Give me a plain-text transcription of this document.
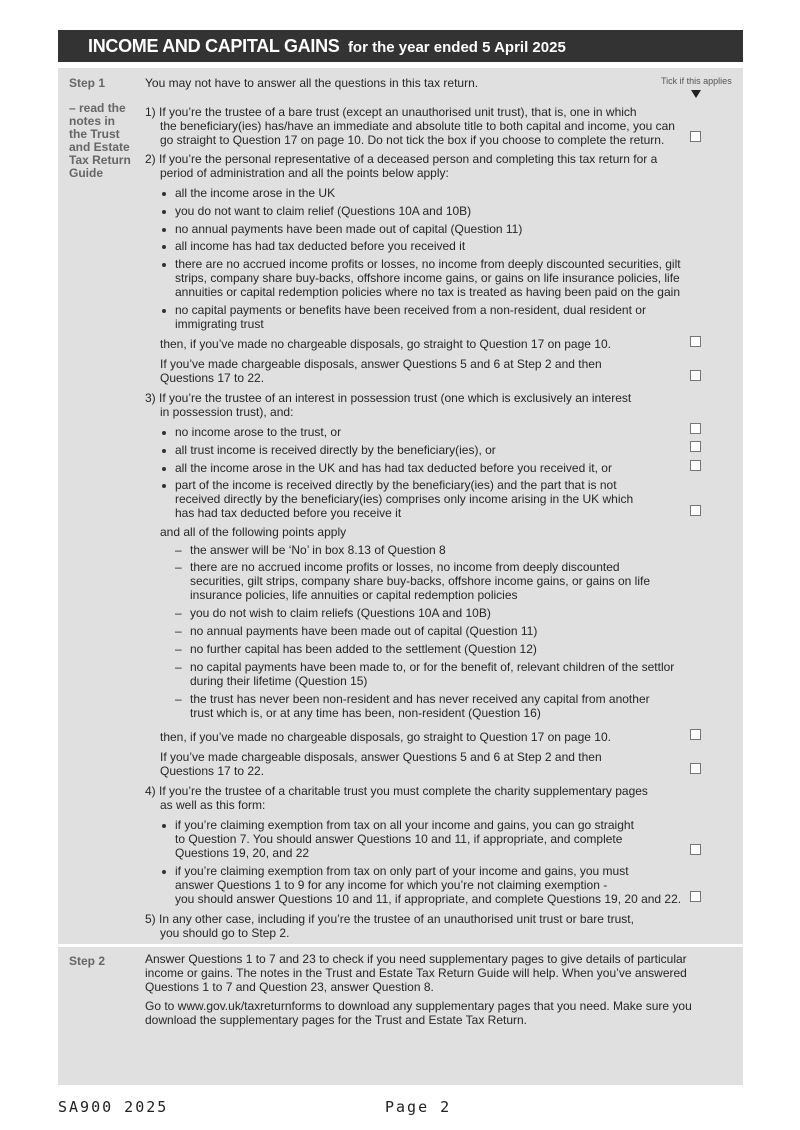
INCOME AND CAPITAL GAINS for the year ended 5 April 2025
Step 1
– read the
notes in
the Trust
and Estate
Tax Return
Guide
Tick if this applies
You may not have to answer all the questions in this tax return.
1) If you’re the trustee of a bare trust (except an unauthorised unit trust), that is, one in which
the beneficiary(ies) has/have an immediate and absolute title to both capital and income, you can
go straight to Question 17 on page 10. Do not tick the box if you choose to complete the return.
2) If you’re the personal representative of a deceased person and completing this tax return for a
period of administration and all the points below apply:
all the income arose in the UK
you do not want to claim relief (Questions 10A and 10B)
no annual payments have been made out of capital (Question 11)
all income has had tax deducted before you received it
there are no accrued income profits or losses, no income from deeply discounted securities, gilt
strips, company share buy-backs, offshore income gains, or gains on life insurance policies, life
annuities or capital redemption policies where no tax is treated as having been paid on the gain
no capital payments or benefits have been received from a non-resident, dual resident or
immigrating trust
then, if you’ve made no chargeable disposals, go straight to Question 17 on page 10.
If you’ve made chargeable disposals, answer Questions 5 and 6 at Step 2 and then
Questions 17 to 22.
3) If you’re the trustee of an interest in possession trust (one which is exclusively an interest
in possession trust), and:
no income arose to the trust, or
all trust income is received directly by the beneficiary(ies), or
all the income arose in the UK and has had tax deducted before you received it, or
part of the income is received directly by the beneficiary(ies) and the part that is not
received directly by the beneficiary(ies) comprises only income arising in the UK which
has had tax deducted before you receive it
and all of the following points apply
– the answer will be ‘No’ in box 8.13 of Question 8
– there are no accrued income profits or losses, no income from deeply discounted
securities, gilt strips, company share buy-backs, offshore income gains, or gains on life
insurance policies, life annuities or capital redemption policies
– you do not wish to claim reliefs (Questions 10A and 10B)
– no annual payments have been made out of capital (Question 11)
– no further capital has been added to the settlement (Question 12)
– no capital payments have been made to, or for the benefit of, relevant children of the settlor
during their lifetime (Question 15)
– the trust has never been non-resident and has never received any capital from another
trust which is, or at any time has been, non-resident (Question 16)
then, if you’ve made no chargeable disposals, go straight to Question 17 on page 10.
If you’ve made chargeable disposals, answer Questions 5 and 6 at Step 2 and then
Questions 17 to 22.
4) If you’re the trustee of a charitable trust you must complete the charity supplementary pages
as well as this form:
if you’re claiming exemption from tax on all your income and gains, you can go straight
to Question 7. You should answer Questions 10 and 11, if appropriate, and complete
Questions 19, 20, and 22
if you’re claiming exemption from tax on only part of your income and gains, you must
answer Questions 1 to 9 for any income for which you’re not claiming exemption -
you should answer Questions 10 and 11, if appropriate, and complete Questions 19, 20 and 22.
5) In any other case, including if you’re the trustee of an unauthorised unit trust or bare trust,
you should go to Step 2.
Step 2	Answer Questions 1 to 7 and 23 to check if you need supplementary pages to give details of particular
income or gains. The notes in the Trust and Estate Tax Return Guide will help. When you’ve answered
Questions 1 to 7 and Question 23, answer Question 8.
Go to www.gov.uk/taxreturnforms to download any supplementary pages that you need. Make sure you
download the supplementary pages for the Trust and Estate Tax Return.
SA900 2025	Page 2
